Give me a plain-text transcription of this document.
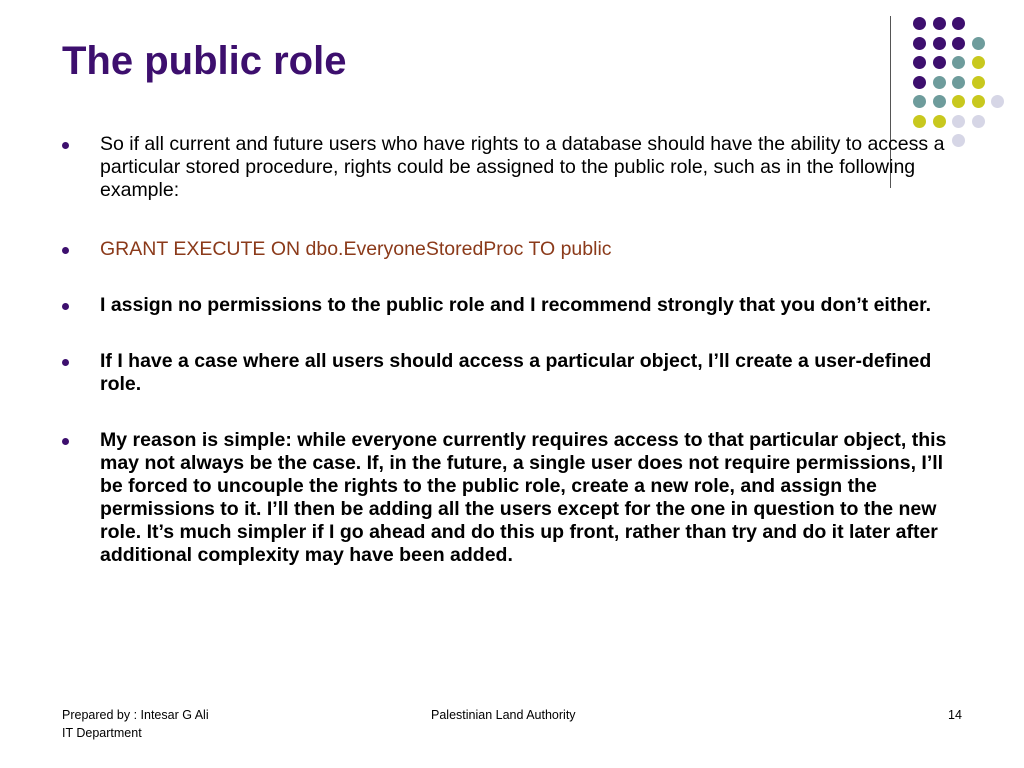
The public role
So if all current and future users who have rights to a database should have the ability to access a particular stored procedure, rights could be assigned to the public role, such as in the following example:
GRANT EXECUTE ON dbo.EveryoneStoredProc TO public
I assign no permissions to the public role and I recommend strongly that you don’t either.
If I have a case where all users should access a particular object, I’ll create a user-defined role.
My reason is simple: while everyone currently requires access to that particular object, this may not always be the case. If, in the future, a single user does not require permissions, I’ll be forced to uncouple the rights to the public role, create a new role, and assign the permissions to it. I’ll then be adding all the users except for the one in question to the new role. It’s much simpler if I go ahead and do this up front, rather than try and do it later after additional complexity may have been added.
Prepared by : Intesar G Ali
IT Department
Palestinian Land Authority	14
